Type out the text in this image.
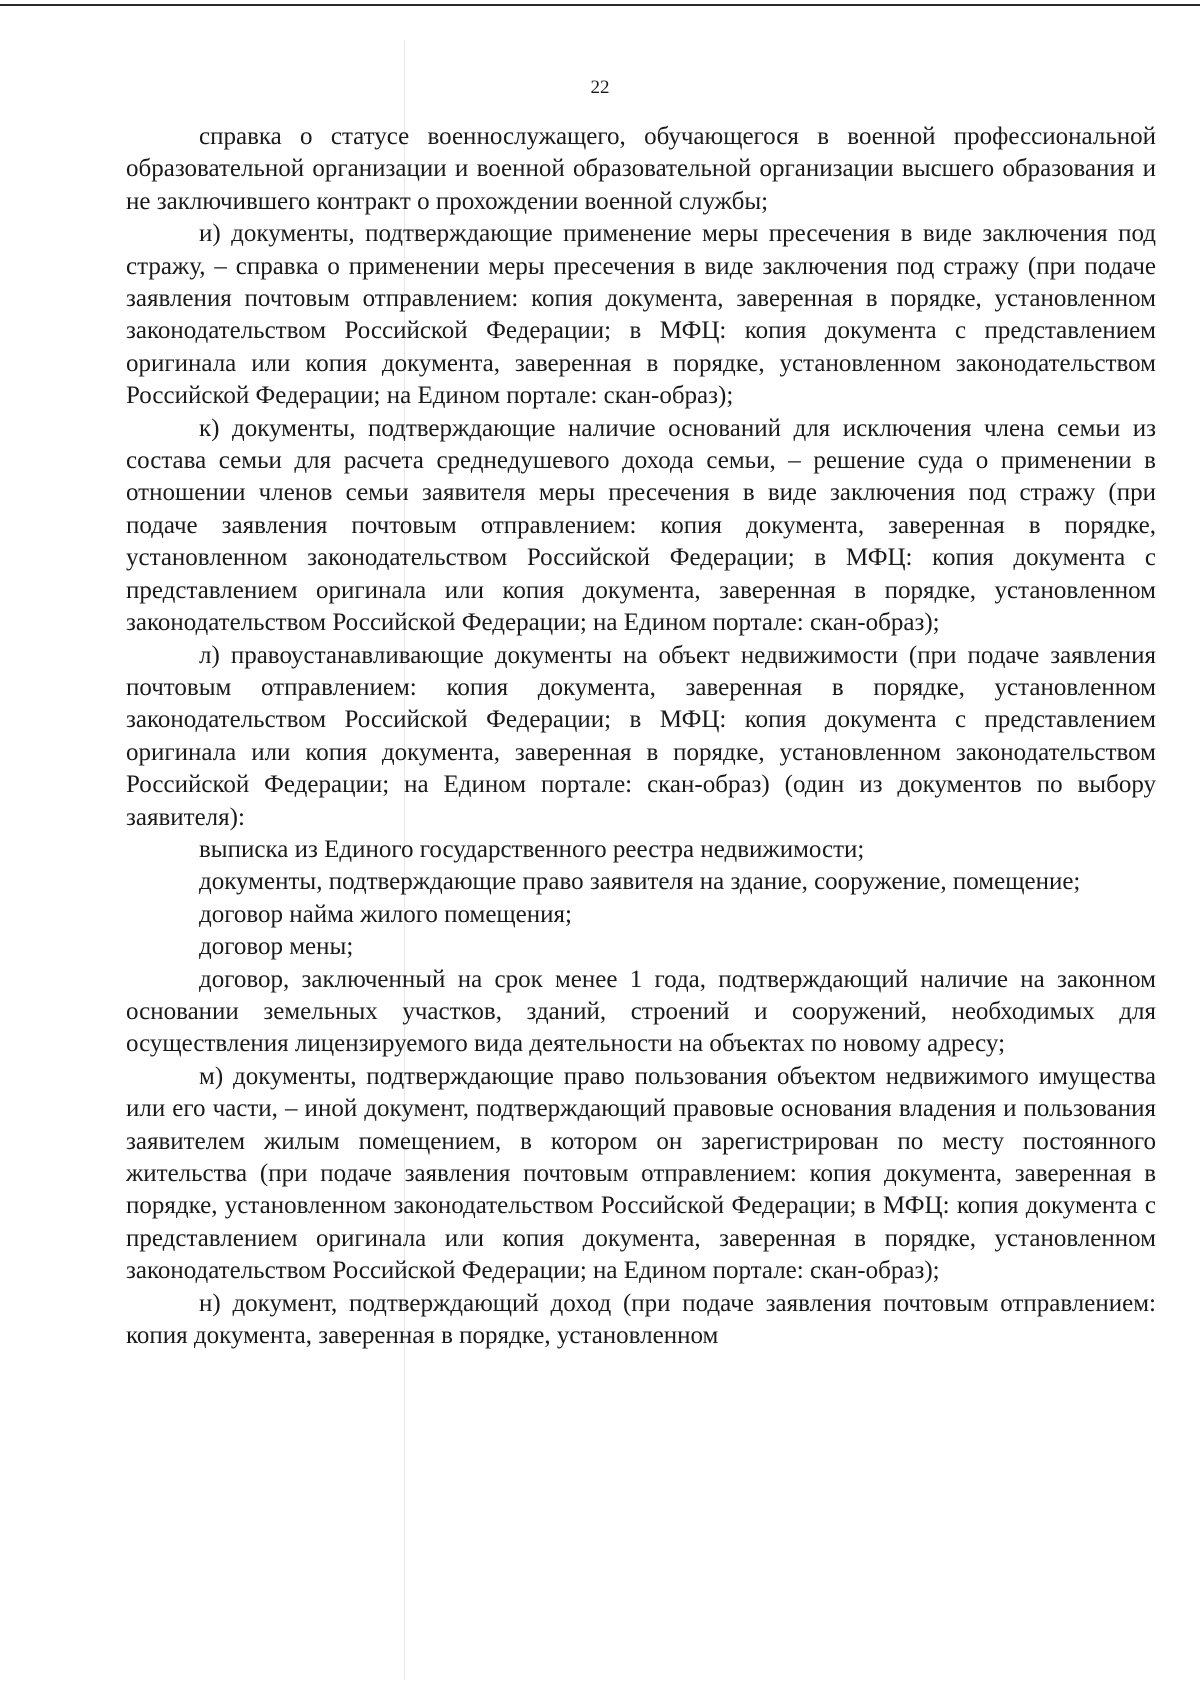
22

справка о статусе военнослужащего, обучающегося в военной профессиональной образовательной организации и военной образовательной организации высшего образования и не заключившего контракт о прохождении военной службы;

и) документы, подтверждающие применение меры пресечения в виде заключения под стражу, – справка о применении меры пресечения в виде заключения под стражу (при подаче заявления почтовым отправлением: копия документа, заверенная в порядке, установленном законодательством Российской Федерации; в МФЦ: копия документа с представлением оригинала или копия документа, заверенная в порядке, установленном законодательством Российской Федерации; на Едином портале: скан-образ);

к) документы, подтверждающие наличие оснований для исключения члена семьи из состава семьи для расчета среднедушевого дохода семьи, – решение суда о применении в отношении членов семьи заявителя меры пресечения в виде заключения под стражу (при подаче заявления почтовым отправлением: копия документа, заверенная в порядке, установленном законодательством Российской Федерации; в МФЦ: копия документа с представлением оригинала или копия документа, заверенная в порядке, установленном законодательством Российской Федерации; на Едином портале: скан-образ);

л) правоустанавливающие документы на объект недвижимости (при подаче заявления почтовым отправлением: копия документа, заверенная в порядке, установленном законодательством Российской Федерации; в МФЦ: копия документа с представлением оригинала или копия документа, заверенная в порядке, установленном законодательством Российской Федерации; на Едином портале: скан-образ) (один из документов по выбору заявителя):

выписка из Единого государственного реестра недвижимости;

документы, подтверждающие право заявителя на здание, сооружение, помещение;

договор найма жилого помещения;

договор мены;

договор, заключенный на срок менее 1 года, подтверждающий наличие на законном основании земельных участков, зданий, строений и сооружений, необходимых для осуществления лицензируемого вида деятельности на объектах по новому адресу;

м) документы, подтверждающие право пользования объектом недвижимого имущества или его части, – иной документ, подтверждающий правовые основания владения и пользования заявителем жилым помещением, в котором он зарегистрирован по месту постоянного жительства (при подаче заявления почтовым отправлением: копия документа, заверенная в порядке, установленном законодательством Российской Федерации; в МФЦ: копия документа с представлением оригинала или копия документа, заверенная в порядке, установленном законодательством Российской Федерации; на Едином портале: скан-образ);

н) документ, подтверждающий доход (при подаче заявления почтовым отправлением: копия документа, заверенная в порядке, установленном
